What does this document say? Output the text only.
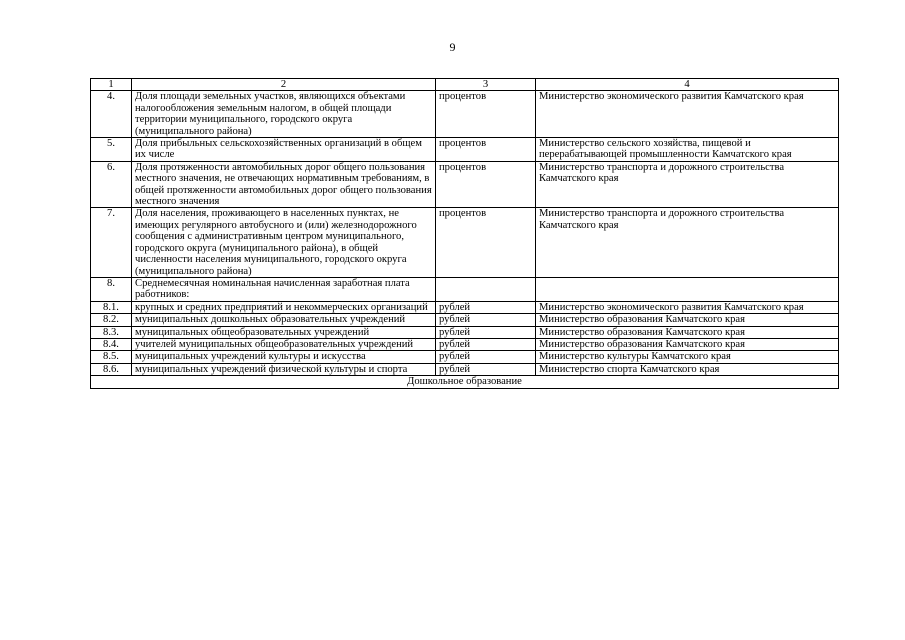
9
1	2	3	4
4.	Доля площади земельных участков, являющихся объектами налогообложения земельным налогом, в общей площади территории муниципального, городского округа (муниципального района)	процентов	Министерство экономического развития Камчатского края
5.	Доля прибыльных сельскохозяйственных организаций в общем их числе	процентов	Министерство сельского хозяйства, пищевой и перерабатывающей промышленности Камчатского края
6.	Доля протяженности автомобильных дорог общего пользования местного значения, не отвечающих нормативным требованиям, в общей протяженности автомобильных дорог общего пользования местного значения	процентов	Министерство транспорта и дорожного строительства Камчатского края
7.	Доля населения, проживающего в населенных пунктах, не имеющих регулярного автобусного и (или) железнодорожного сообщения с административным центром муниципального, городского округа (муниципального района), в общей численности населения муниципального, городского округа (муниципального района)	процентов	Министерство транспорта и дорожного строительства Камчатского края
8.	Среднемесячная номинальная начисленная заработная плата работников:		
8.1.	крупных и средних предприятий и некоммерческих организаций	рублей	Министерство экономического развития Камчатского края
8.2.	муниципальных дошкольных образовательных учреждений	рублей	Министерство образования Камчатского края
8.3.	муниципальных общеобразовательных учреждений	рублей	Министерство образования Камчатского края
8.4.	учителей муниципальных общеобразовательных учреждений	рублей	Министерство образования Камчатского края
8.5.	муниципальных учреждений культуры и искусства	рублей	Министерство культуры Камчатского края
8.6.	муниципальных учреждений физической культуры и спорта	рублей	Министерство спорта Камчатского края
Дошкольное образование			
